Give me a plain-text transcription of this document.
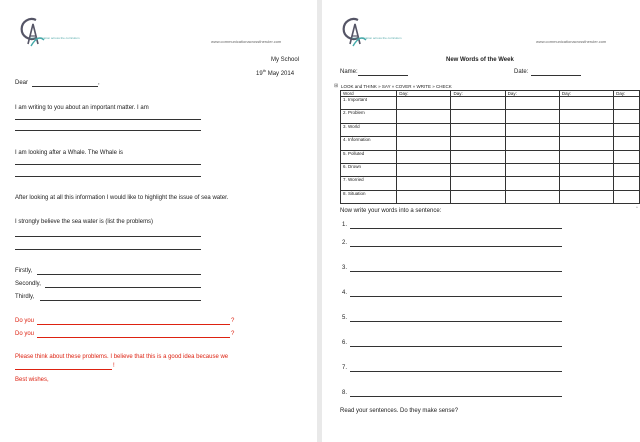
communication across the curriculum
www.communicationacrosstheruler.com
My School
19th May 2014
Dear	,
I am writing to you about an important matter. I am
I am looking after a Whale. The Whale is
After looking at all this information I would like to highlight the issue of sea water.
I strongly believe the sea water is (list the problems)
Firstly,
Secondly,
Thirdly,
Do you	?
Do you	?
Please think about these problems. I believe that this is a good idea because we
!
Best wishes,
communication across the curriculum
www.communicationacrosstheruler.com
New Words of the Week
Name:	Date:
⊞ LOOK and THINK » SAY » COVER » WRITE » CHECK
Word	Day:	Day:	Day:	Day:	Day:
1. Important					
2. Problem					
3. World					
4. Information					
5. Polluted					
6. Drown					
7. Worried					
8. Situation					
▫
Now write your words into a sentence:
1.
2.
3.
4.
5.
6.
7.
8.
Read your sentences. Do they make sense?
